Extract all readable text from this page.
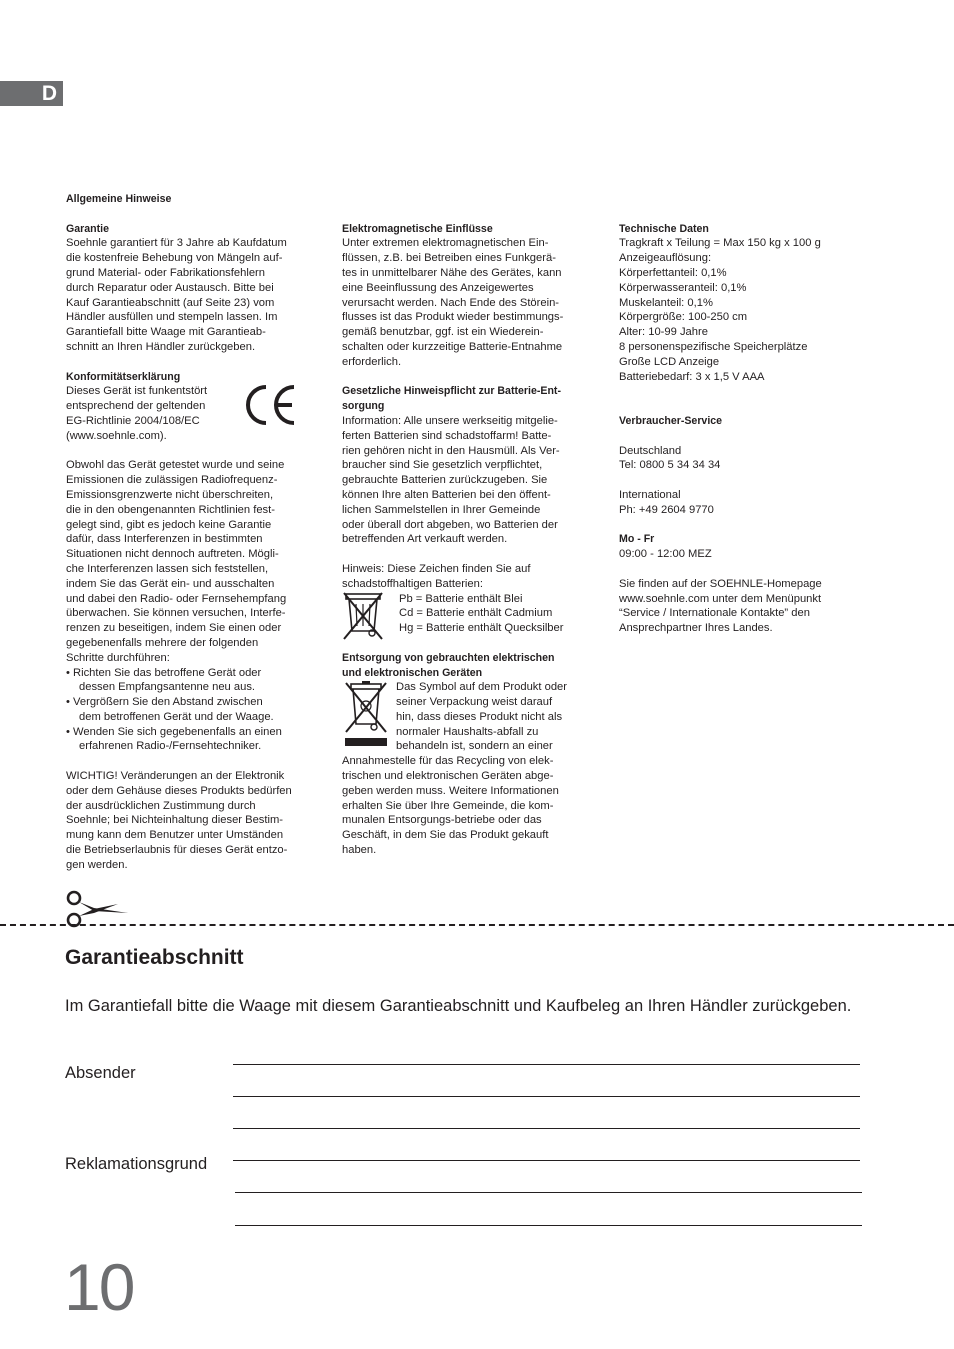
D
Allgemeine Hinweise
Garantie
Soehnle garantiert für 3 Jahre ab Kaufdatum
die kostenfreie Behebung von Mängeln auf-
grund Material- oder Fabrikationsfehlern
durch Reparatur oder Austausch. Bitte bei
Kauf Garantieabschnitt (auf Seite 23) vom
Händler ausfüllen und stempeln lassen. Im
Garantiefall bitte Waage mit Garantieab-
schnitt an Ihren Händler zurückgeben.
Konformitätserklärung
Dieses Gerät ist funkentstört
entsprechend der geltenden
EG-Richtlinie 2004/108/EC
(www.soehnle.com).
Obwohl das Gerät getestet wurde und seine
Emissionen die zulässigen Radiofrequenz-
Emissionsgrenzwerte nicht überschreiten,
die in den obengenannten Richtlinien fest-
gelegt sind, gibt es jedoch keine Garantie
dafür, dass Interferenzen in bestimmten
Situationen nicht dennoch auftreten. Mögli-
che Interferenzen lassen sich feststellen,
indem Sie das Gerät ein- und ausschalten
und dabei den Radio- oder Fernsehempfang
überwachen. Sie können versuchen, Interfe-
renzen zu beseitigen, indem Sie einen oder
gegebenenfalls mehrere der folgenden
Schritte durchführen:
• Richten Sie das betroffene Gerät oder
dessen Empfangsantenne neu aus.
• Vergrößern Sie den Abstand zwischen
dem betroffenen Gerät und der Waage.
• Wenden Sie sich gegebenenfalls an einen
erfahrenen Radio-/Fernsehtechniker.
WICHTIG! Veränderungen an der Elektronik
oder dem Gehäuse dieses Produkts bedürfen
der ausdrücklichen Zustimmung durch
Soehnle; bei Nichteinhaltung dieser Bestim-
mung kann dem Benutzer unter Umständen
die Betriebserlaubnis für dieses Gerät entzo-
gen werden.
Elektromagnetische Einflüsse
Unter extremen elektromagnetischen Ein-
flüssen, z.B. bei Betreiben eines Funkgerä-
tes in unmittelbarer Nähe des Gerätes, kann
eine Beeinflussung des Anzeigewertes
verursacht werden. Nach Ende des Störein-
flusses ist das Produkt wieder bestimmungs-
gemäß benutzbar, ggf. ist ein Wiederein-
schalten oder kurzzeitige Batterie-Entnahme
erforderlich.
Gesetzliche Hinweispflicht zur Batterie-Ent-
sorgung
Information: Alle unsere werkseitig mitgelie-
ferten Batterien sind schadstoffarm! Batte-
rien gehören nicht in den Hausmüll. Als Ver-
braucher sind Sie gesetzlich verpflichtet,
gebrauchte Batterien zurückzugeben. Sie
können Ihre alten Batterien bei den öffent-
lichen Sammelstellen in Ihrer Gemeinde
oder überall dort abgeben, wo Batterien der
betreffenden Art verkauft werden.
Hinweis: Diese Zeichen finden Sie auf
schadstoffhaltigen Batterien:
Pb = Batterie enthält Blei
Cd = Batterie enthält Cadmium
Hg = Batterie enthält Quecksilber
Entsorgung von gebrauchten elektrischen
und elektronischen Geräten
Das Symbol auf dem Produkt oder
seiner Verpackung weist darauf
hin, dass dieses Produkt nicht als
normaler Haushalts-abfall zu
behandeln ist, sondern an einer
Annahmestelle für das Recycling von elek-
trischen und elektronischen Geräten abge-
geben werden muss. Weitere Informationen
erhalten Sie über Ihre Gemeinde, die kom-
munalen Entsorgungs-betriebe oder das
Geschäft, in dem Sie das Produkt gekauft
haben.
Technische Daten
Tragkraft x Teilung = Max 150 kg x 100 g
Anzeigeauflösung:
Körperfettanteil: 0,1%
Körperwasseranteil: 0,1%
Muskelanteil: 0,1%
Körpergröße: 100-250 cm
Alter: 10-99 Jahre
8 personenspezifische Speicherplätze
Große LCD Anzeige
Batteriebedarf: 3 x 1,5 V AAA
Verbraucher-Service
Deutschland
Tel: 0800 5 34 34 34
International
Ph: +49 2604 9770
Mo - Fr
09:00 - 12:00 MEZ
Sie finden auf der SOEHNLE-Homepage
www.soehnle.com unter dem Menüpunkt
“Service / Internationale Kontakte” den
Ansprechpartner Ihres Landes.
Garantieabschnitt
Im Garantiefall bitte die Waage mit diesem Garantieabschnitt und Kaufbeleg an Ihren Händler zurückgeben.
Absender
Reklamationsgrund
10
